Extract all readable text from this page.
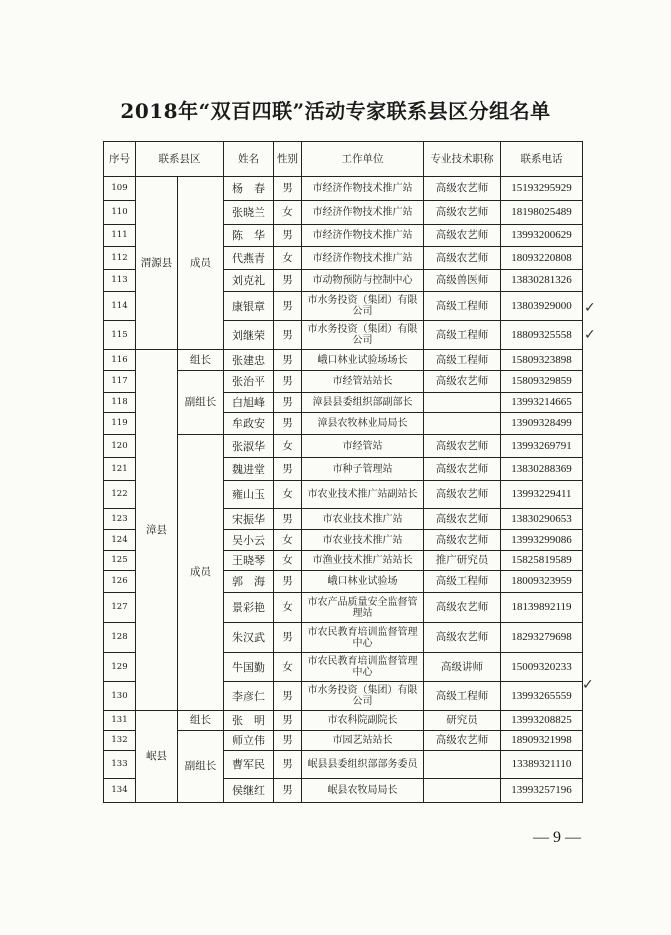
2018年“双百四联”活动专家联系县区分组名单
序号	联系县区		姓名	性别	工作单位	专业技术职称	联系电话
109	渭源县	成员	杨　春	男	市经济作物技术推广站	高级农艺师	15193295929
110			张晓兰	女	市经济作物技术推广站	高级农艺师	18198025489
111			陈　华	男	市经济作物技术推广站	高级农艺师	13993200629
112			代燕青	女	市经济作物技术推广站	高级农艺师	18093220808
113			刘克礼	男	市动物预防与控制中心	高级兽医师	13830281326
114			康银章	男	市水务投资（集团）有限公司	高级工程师	13803929000
115			刘继荣	男	市水务投资（集团）有限公司	高级工程师	18809325558
116	漳县	组长	张建忠	男	峨口林业试验场场长	高级工程师	15809323898
117		副组长	张治平	男	市经管站站长	高级农艺师	15809329859
118			白旭峰	男	漳县县委组织部副部长		13993214665
119			牟政安	男	漳县农牧林业局局长		13909328499
120		成员	张淑华	女	市经管站	高级农艺师	13993269791
121			魏进堂	男	市种子管理站	高级农艺师	13830288369
122			雍山玉	女	市农业技术推广站副站长	高级农艺师	13993229411
123			宋振华	男	市农业技术推广站	高级农艺师	13830290653
124			吴小云	女	市农业技术推广站	高级农艺师	13993299086
125			王晓琴	女	市渔业技术推广站站长	推广研究员	15825819589
126			郭　海	男	峨口林业试验场	高级工程师	18009323959
127			景彩艳	女	市农产品质量安全监督管理站	高级农艺师	18139892119
128			朱汉武	男	市农民教育培训监督管理中心	高级农艺师	18293279698
129			牛国勤	女	市农民教育培训监督管理中心	高级讲师	15009320233
130			李彦仁	男	市水务投资（集团）有限公司	高级工程师	13993265559
131	岷县	组长	张　明	男	市农科院副院长	研究员	13993208825
132		副组长	师立伟	男	市园艺站站长	高级农艺师	18909321998
133			曹军民	男	岷县县委组织部部务委员		13389321110
134			侯继红	男	岷县农牧局局长		13993257196
✓
✓
✓
— 9 —
